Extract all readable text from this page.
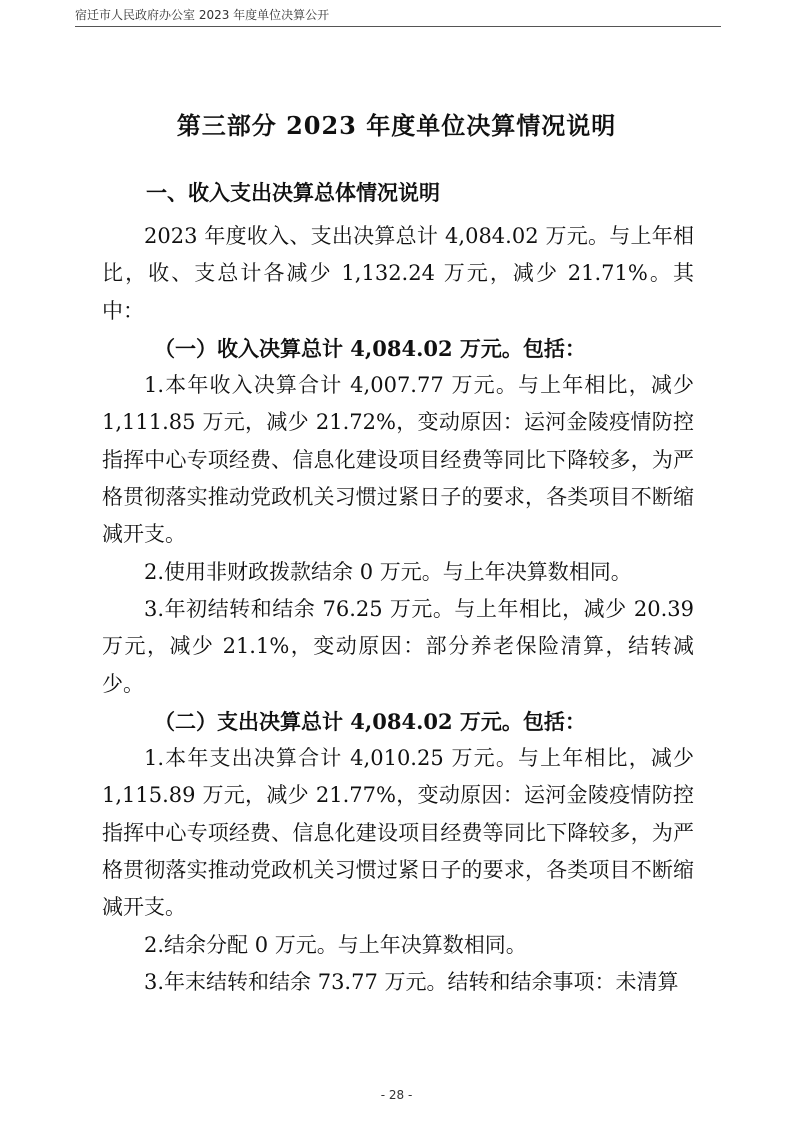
宿迁市人民政府办公室 2023 年度单位决算公开
第三部分 2023 年度单位决算情况说明

一、收入支出决算总体情况说明

2023 年度收入、支出决算总计 4,084.02 万元。与上年相比，收、支总计各减少 1,132.24 万元，减少 21.71%。其中：

（一）收入决算总计 4,084.02 万元。包括：

1.本年收入决算合计 4,007.77 万元。与上年相比，减少 1,111.85 万元，减少 21.72%，变动原因：运河金陵疫情防控指挥中心专项经费、信息化建设项目经费等同比下降较多，为严格贯彻落实推动党政机关习惯过紧日子的要求，各类项目不断缩减开支。

2.使用非财政拨款结余 0 万元。与上年决算数相同。

3.年初结转和结余 76.25 万元。与上年相比，减少 20.39 万元，减少 21.1%，变动原因：部分养老保险清算，结转减少。

（二）支出决算总计 4,084.02 万元。包括：

1.本年支出决算合计 4,010.25 万元。与上年相比，减少 1,115.89 万元，减少 21.77%，变动原因：运河金陵疫情防控指挥中心专项经费、信息化建设项目经费等同比下降较多，为严格贯彻落实推动党政机关习惯过紧日子的要求，各类项目不断缩减开支。

2.结余分配 0 万元。与上年决算数相同。

3.年末结转和结余 73.77 万元。结转和结余事项：未清算

- 28 -
